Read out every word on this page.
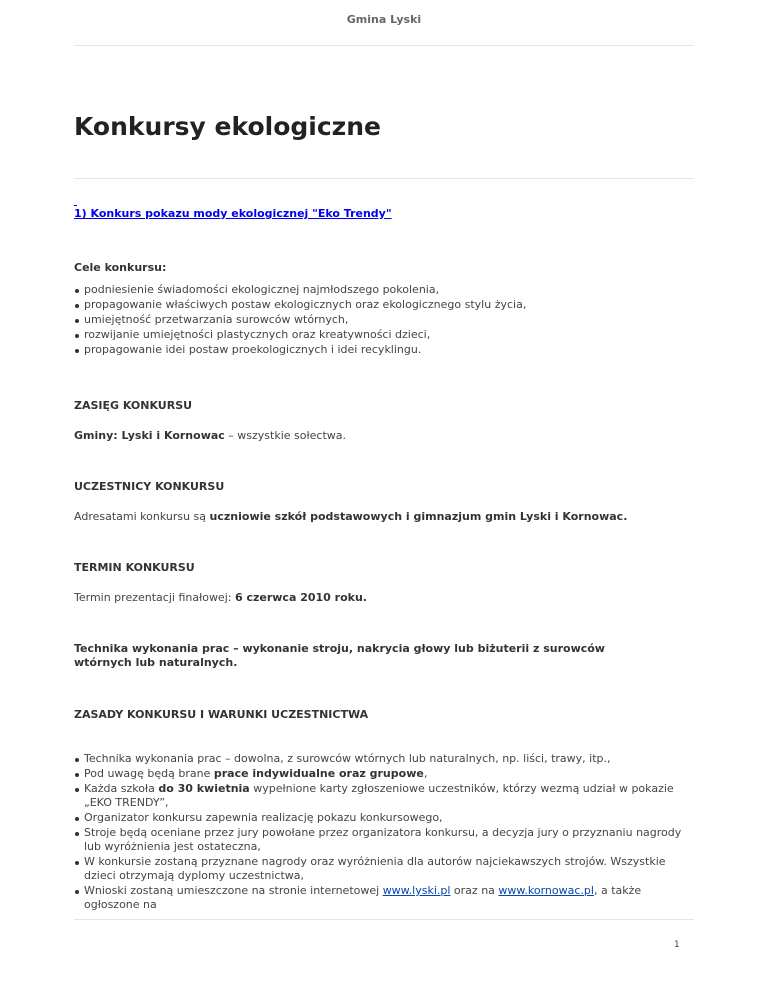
Gmina Lyski
Konkursy ekologiczne
_
1) Konkurs pokazu mody ekologicznej "Eko Trendy"

Cele konkursu:

podniesienie świadomości ekologicznej najmłodszego pokolenia,
propagowanie właściwych postaw ekologicznych oraz ekologicznego stylu życia,
umiejętność przetwarzania surowców wtórnych,
rozwijanie umiejętności plastycznych oraz kreatywności dzieci,
propagowanie idei postaw proekologicznych i idei recyklingu.

ZASIĘG KONKURSU

Gminy: Lyski i Kornowac – wszystkie sołectwa.

UCZESTNICY KONKURSU

Adresatami konkursu są uczniowie szkół podstawowych i gimnazjum gmin Lyski i Kornowac.

TERMIN KONKURSU

Termin prezentacji finałowej: 6 czerwca 2010 roku.

Technika wykonania prac – wykonanie stroju, nakrycia głowy lub biżuterii z surowców wtórnych lub naturalnych.

ZASADY KONKURSU I WARUNKI UCZESTNICTWA

Technika wykonania prac – dowolna, z surowców wtórnych lub naturalnych, np. liści, trawy, itp.,
Pod uwagę będą brane prace indywidualne oraz grupowe,
Każda szkoła do 30 kwietnia wypełnione karty zgłoszeniowe uczestników, którzy wezmą udział w pokazie „EKO TRENDY”,
Organizator konkursu zapewnia realizację pokazu konkursowego,
Stroje będą oceniane przez jury powołane przez organizatora konkursu, a decyzja jury o przyznaniu nagrody lub wyróżnienia jest ostateczna,
W konkursie zostaną przyznane nagrody oraz wyróżnienia dla autorów najciekawszych strojów. Wszystkie dzieci otrzymają dyplomy uczestnictwa,
Wnioski zostaną umieszczone na stronie internetowej www.lyski.pl oraz na www.kornowac.pl, a także ogłoszone na
1
